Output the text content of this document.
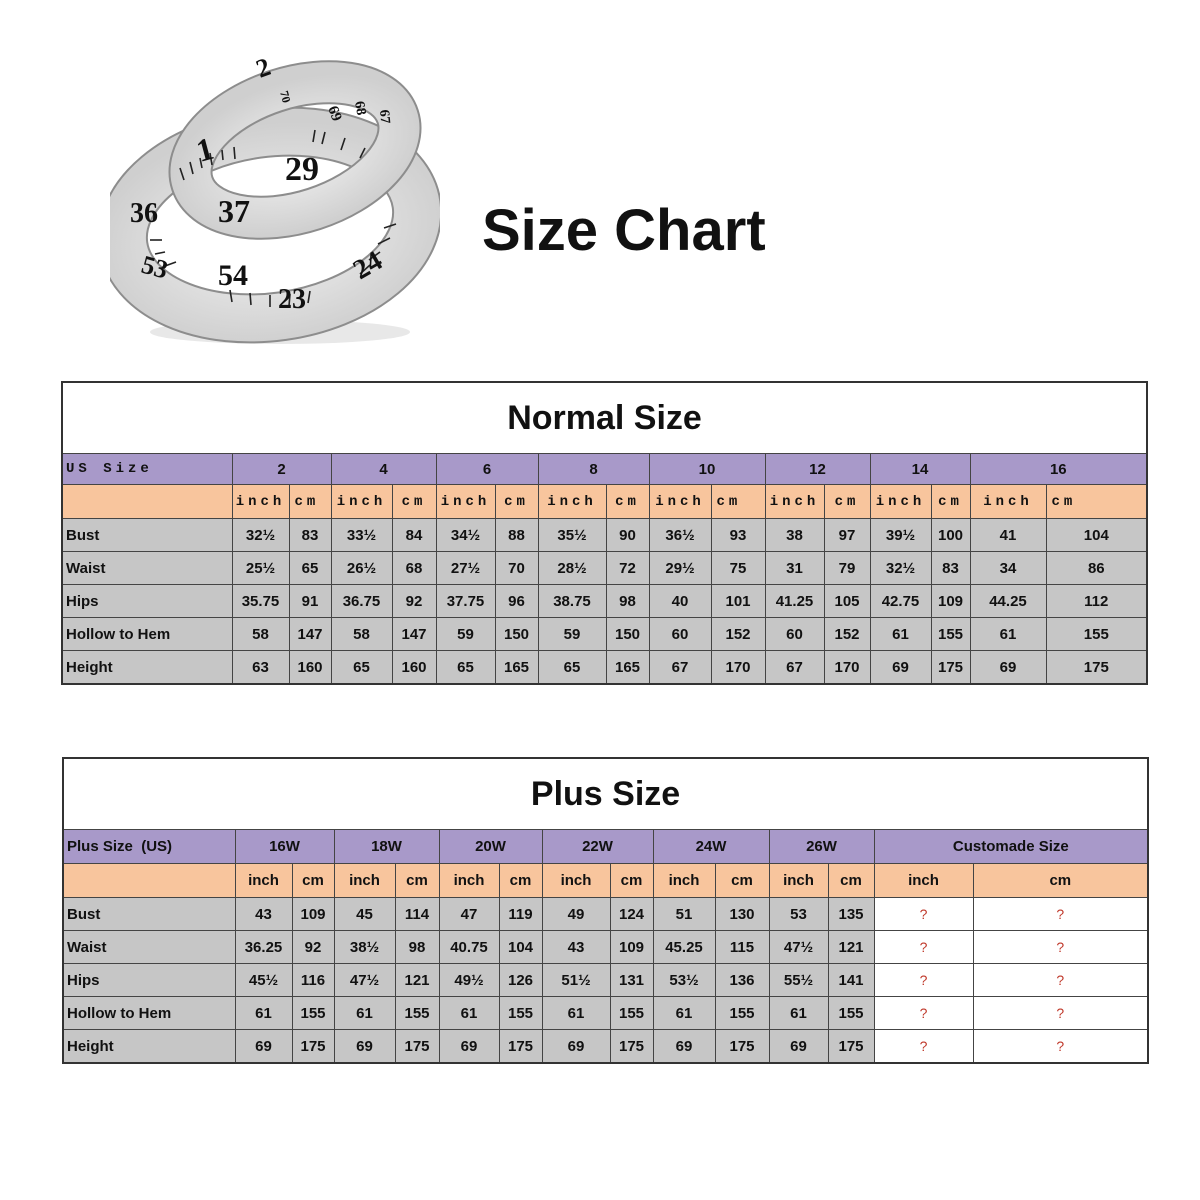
2
29
69 68
67
1
36 37
53 54
23
24
70
Size Chart
Normal Size																
US Size	2		4		6		8		10		12		14		16	
	inch	cm	inch	cm	inch	cm	inch	cm	inch	cm	inch	cm	inch	cm	inch	cm
Bust	32½	83	33½	84	34½	88	35½	90	36½	93	38	97	39½	100	41	104
Waist	25½	65	26½	68	27½	70	28½	72	29½	75	31	79	32½	83	34	86
Hips	35.75	91	36.75	92	37.75	96	38.75	98	40	101	41.25	105	42.75	109	44.25	112
Hollow to Hem	58	147	58	147	59	150	59	150	60	152	60	152	61	155	61	155
Height	63	160	65	160	65	165	65	165	67	170	67	170	69	175	69	175
Plus Size														
Plus Size  (US)	16W		18W		20W		22W		24W		26W		Customade Size	
	inch	cm	inch	cm	inch	cm	inch	cm	inch	cm	inch	cm	inch	cm
Bust	43	109	45	114	47	119	49	124	51	130	53	135	?	?
Waist	36.25	92	38½	98	40.75	104	43	109	45.25	115	47½	121	?	?
Hips	45½	116	47½	121	49½	126	51½	131	53½	136	55½	141	?	?
Hollow to Hem	61	155	61	155	61	155	61	155	61	155	61	155	?	?
Height	69	175	69	175	69	175	69	175	69	175	69	175	?	?
